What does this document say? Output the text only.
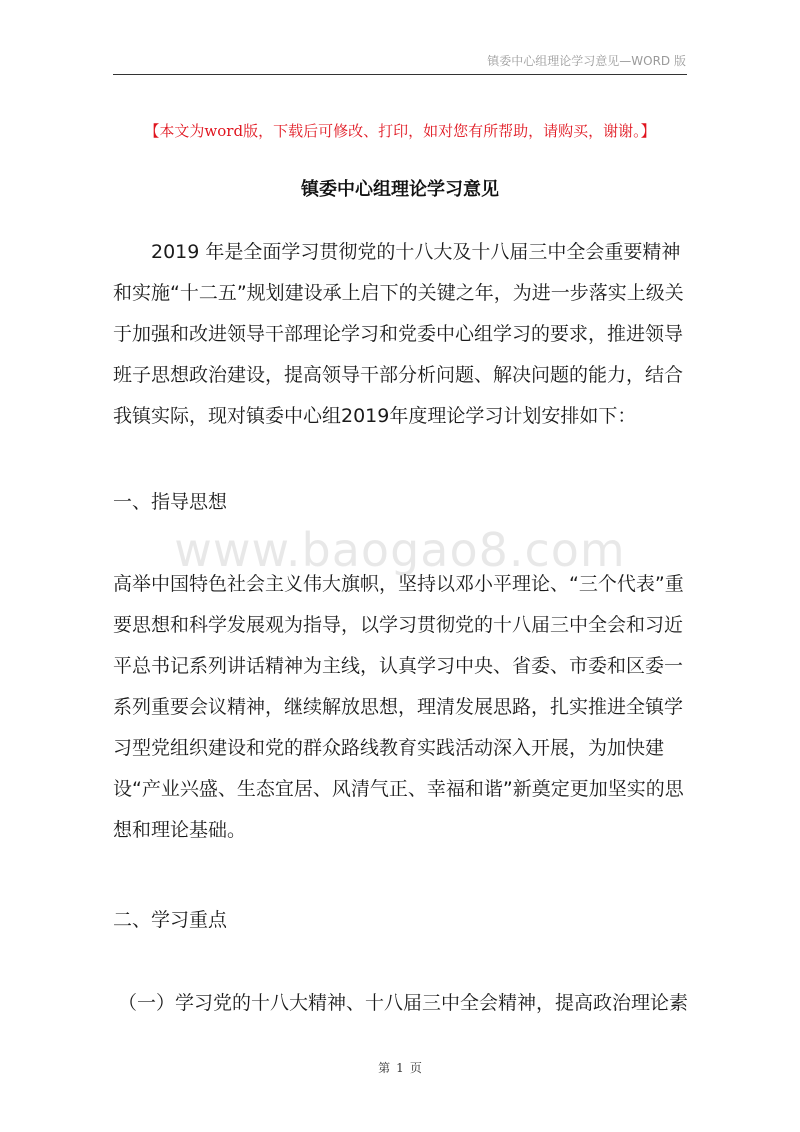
镇委中心组理论学习意见—WORD 版
【本文为word版，下载后可修改、打印，如对您有所帮助，请购买，谢谢。】
镇委中心组理论学习意见

2019 年是全面学习贯彻党的十八大及十八届三中全会重要精神和实施“十二五”规划建设承上启下的关键之年，为进一步落实上级关于加强和改进领导干部理论学习和党委中心组学习的要求，推进领导班子思想政治建设，提高领导干部分析问题、解决问题的能力，结合我镇实际，现对镇委中心组2019年度理论学习计划安排如下：

一、指导思想
www.baogao8.com

高举中国特色社会主义伟大旗帜，坚持以邓小平理论、“三个代表”重要思想和科学发展观为指导，以学习贯彻党的十八届三中全会和习近平总书记系列讲话精神为主线，认真学习中央、省委、市委和区委一系列重要会议精神，继续解放思想，理清发展思路，扎实推进全镇学习型党组织建设和党的群众路线教育实践活动深入开展，为加快建设“产业兴盛、生态宜居、风清气正、幸福和谐”新奠定更加坚实的思想和理论基础。

二、学习重点
（一）学习党的十八大精神、十八届三中全会精神，提高政治理论素
第 1 页
